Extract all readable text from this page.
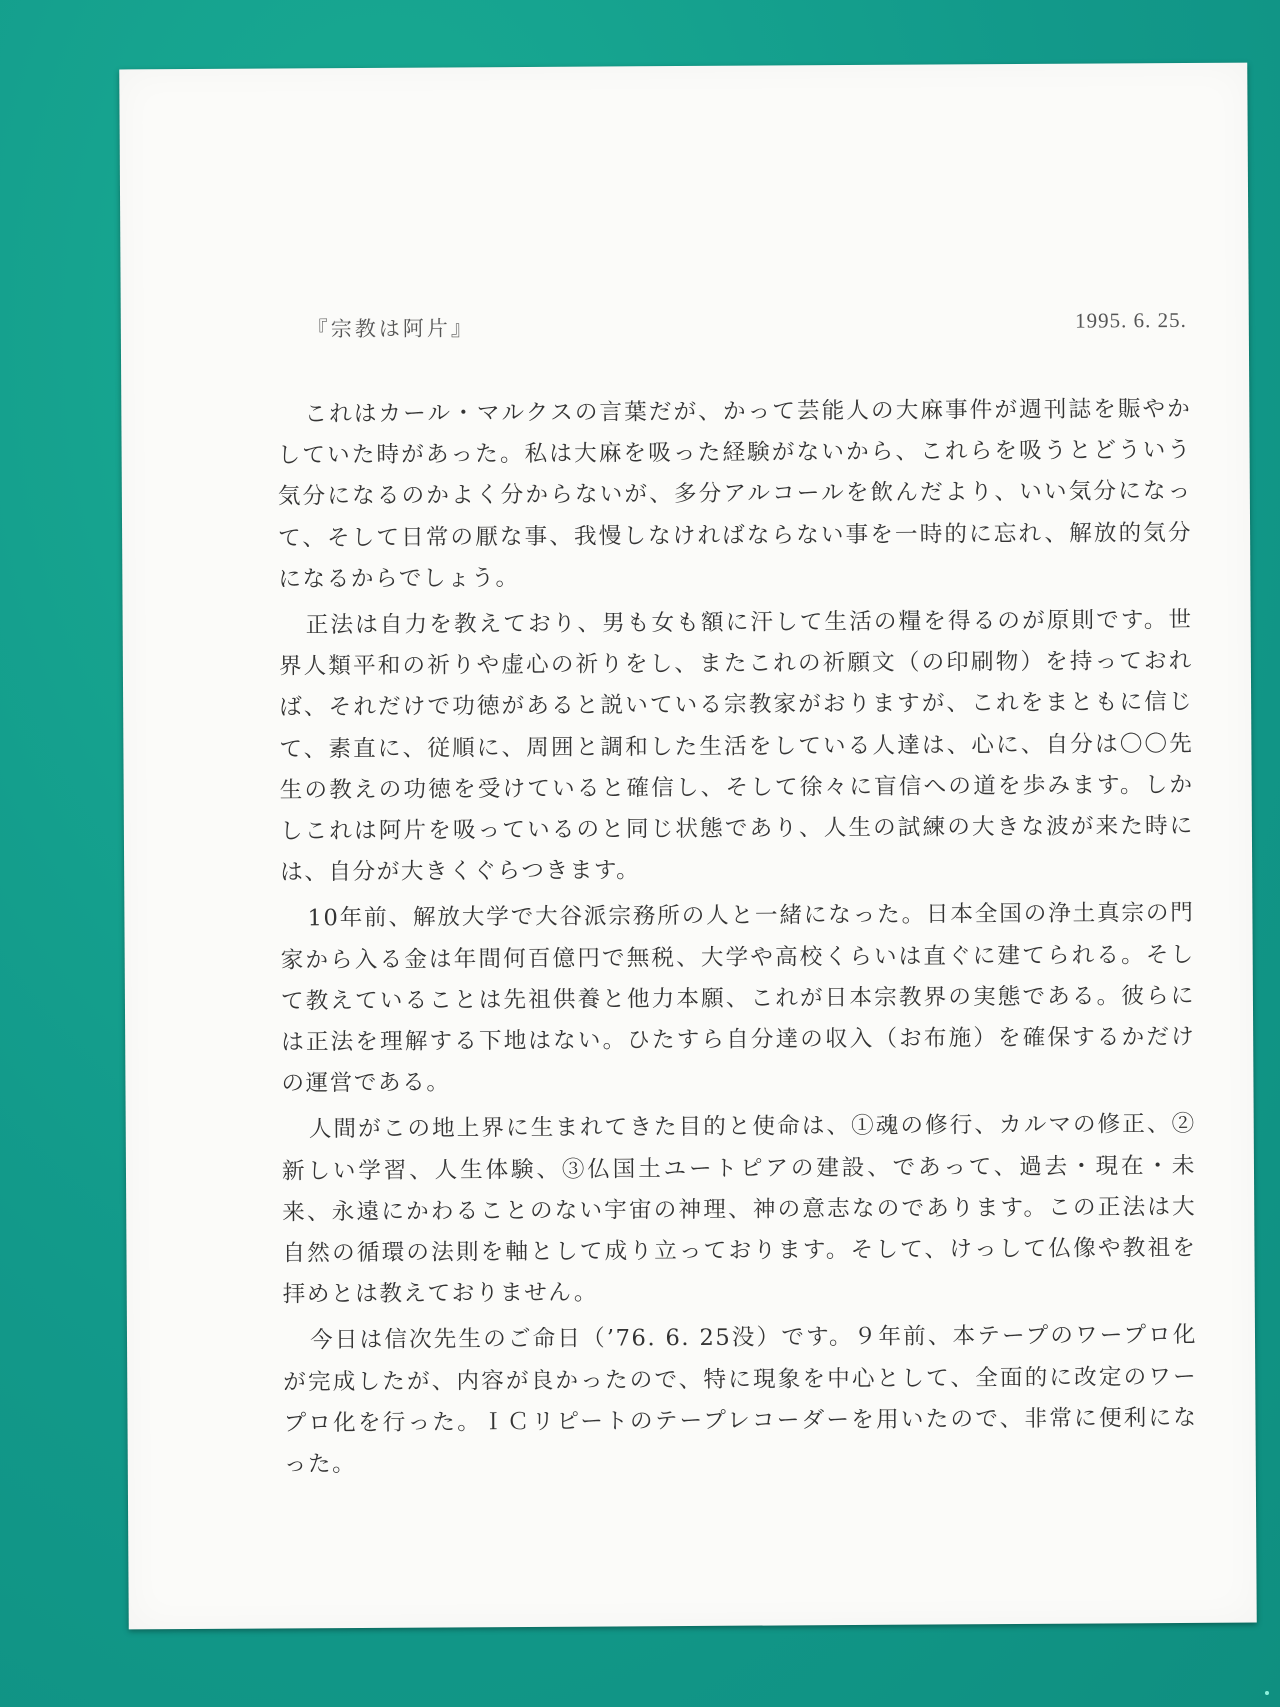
『宗教は阿片』	1995. 6. 25.

これはカール・マルクスの言葉だが、かって芸能人の大麻事件が週刊誌を賑やかしていた時があった。私は大麻を吸った経験がないから、これらを吸うとどういう気分になるのかよく分からないが、多分アルコールを飲んだより、いい気分になって、そして日常の厭な事、我慢しなければならない事を一時的に忘れ、解放的気分になるからでしょう。

正法は自力を教えており、男も女も額に汗して生活の糧を得るのが原則です。世界人類平和の祈りや虚心の祈りをし、またこれの祈願文（の印刷物）を持っておれば、それだけで功徳があると説いている宗教家がおりますが、これをまともに信じて、素直に、従順に、周囲と調和した生活をしている人達は、心に、自分は〇〇先生の教えの功徳を受けていると確信し、そして徐々に盲信への道を歩みます。しかしこれは阿片を吸っているのと同じ状態であり、人生の試練の大きな波が来た時には、自分が大きくぐらつきます。

10年前、解放大学で大谷派宗務所の人と一緒になった。日本全国の浄土真宗の門家から入る金は年間何百億円で無税、大学や高校くらいは直ぐに建てられる。そして教えていることは先祖供養と他力本願、これが日本宗教界の実態である。彼らには正法を理解する下地はない。ひたすら自分達の収入（お布施）を確保するかだけの運営である。

人間がこの地上界に生まれてきた目的と使命は、①魂の修行、カルマの修正、②新しい学習、人生体験、③仏国土ユートピアの建設、であって、過去・現在・未来、永遠にかわることのない宇宙の神理、神の意志なのであります。この正法は大自然の循環の法則を軸として成り立っております。そして、けっして仏像や教祖を拝めとは教えておりません。

今日は信次先生のご命日（’76. 6. 25没）です。９年前、本テープのワープロ化が完成したが、内容が良かったので、特に現象を中心として、全面的に改定のワープロ化を行った。ＩＣリピートのテープレコーダーを用いたので、非常に便利になった。
